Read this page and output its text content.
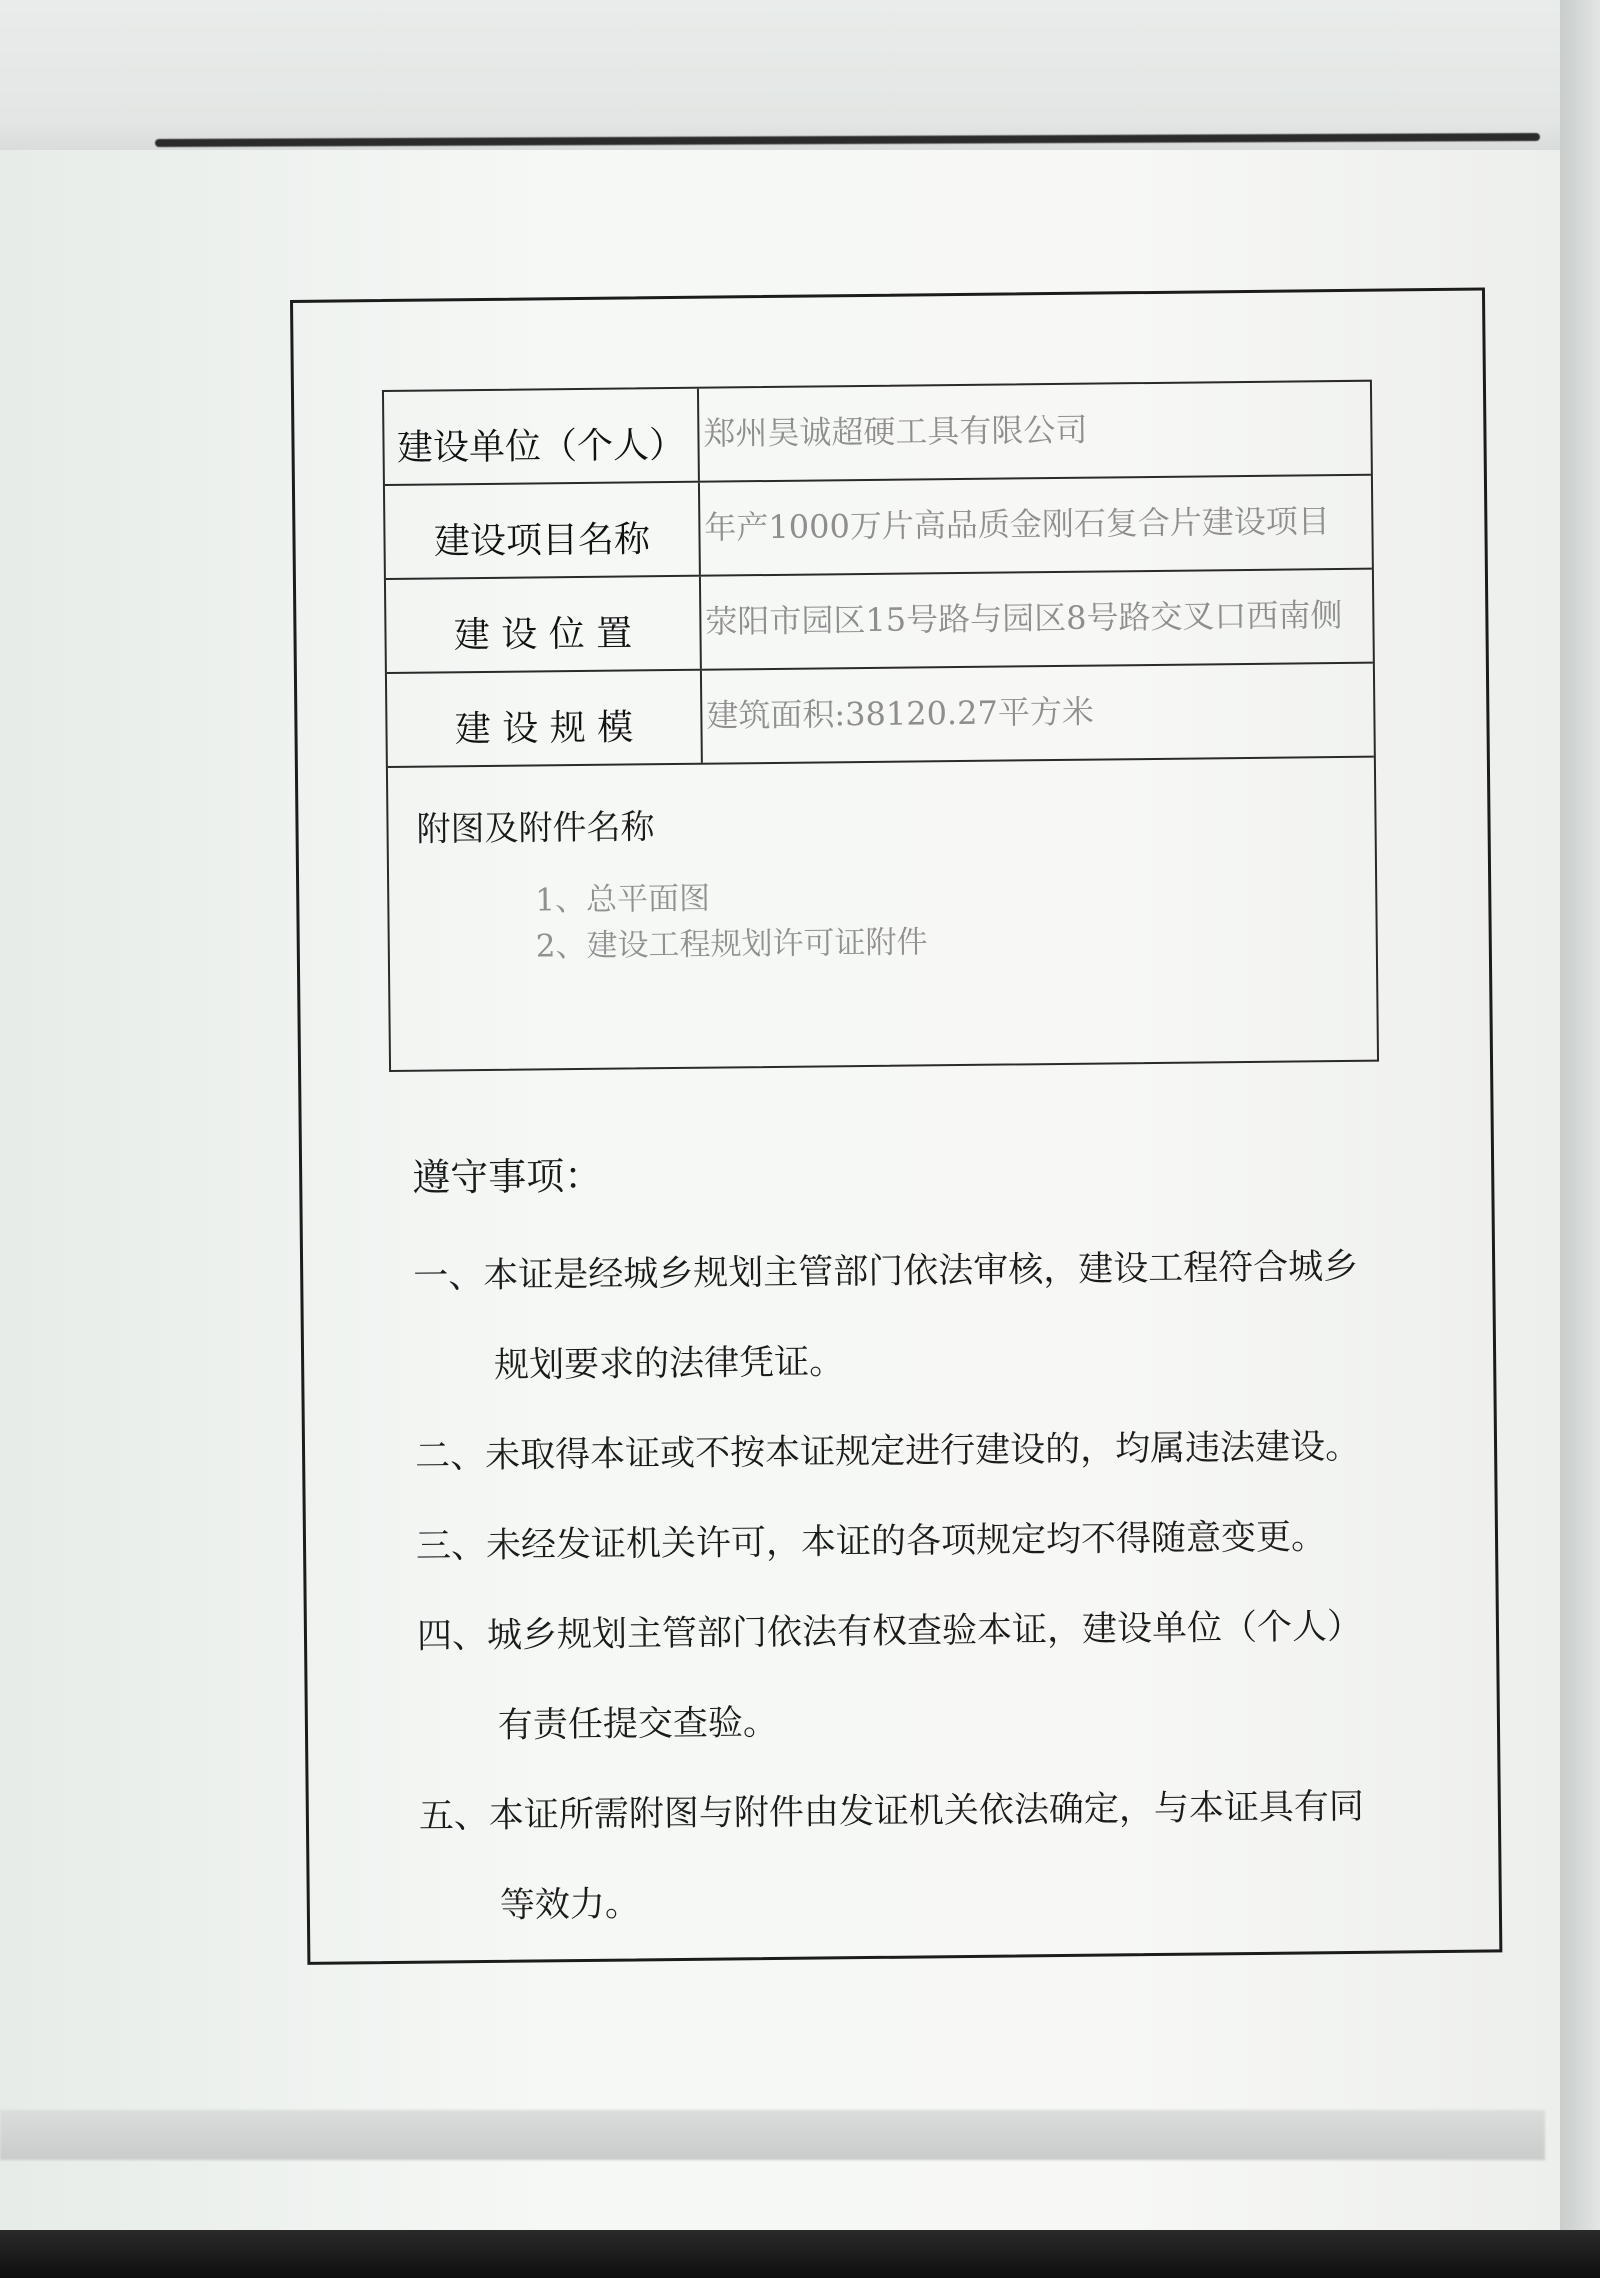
建设单位（个人） 郑州昊诚超硬工具有限公司
建设项目名称	年产1000万片高品质金刚石复合片建设项目
建 设 位 置	荥阳市园区15号路与园区8号路交叉口西南侧
建 设 规 模	建筑面积:38120.27平方米
附图及附件名称
1、总平面图
2、建设工程规划许可证附件
遵守事项：
一、本证是经城乡规划主管部门依法审核，建设工程符合城乡
规划要求的法律凭证。
二、未取得本证或不按本证规定进行建设的，均属违法建设。
三、未经发证机关许可，本证的各项规定均不得随意变更。
四、城乡规划主管部门依法有权查验本证，建设单位（个人）
有责任提交查验。
五、本证所需附图与附件由发证机关依法确定，与本证具有同
等效力。
